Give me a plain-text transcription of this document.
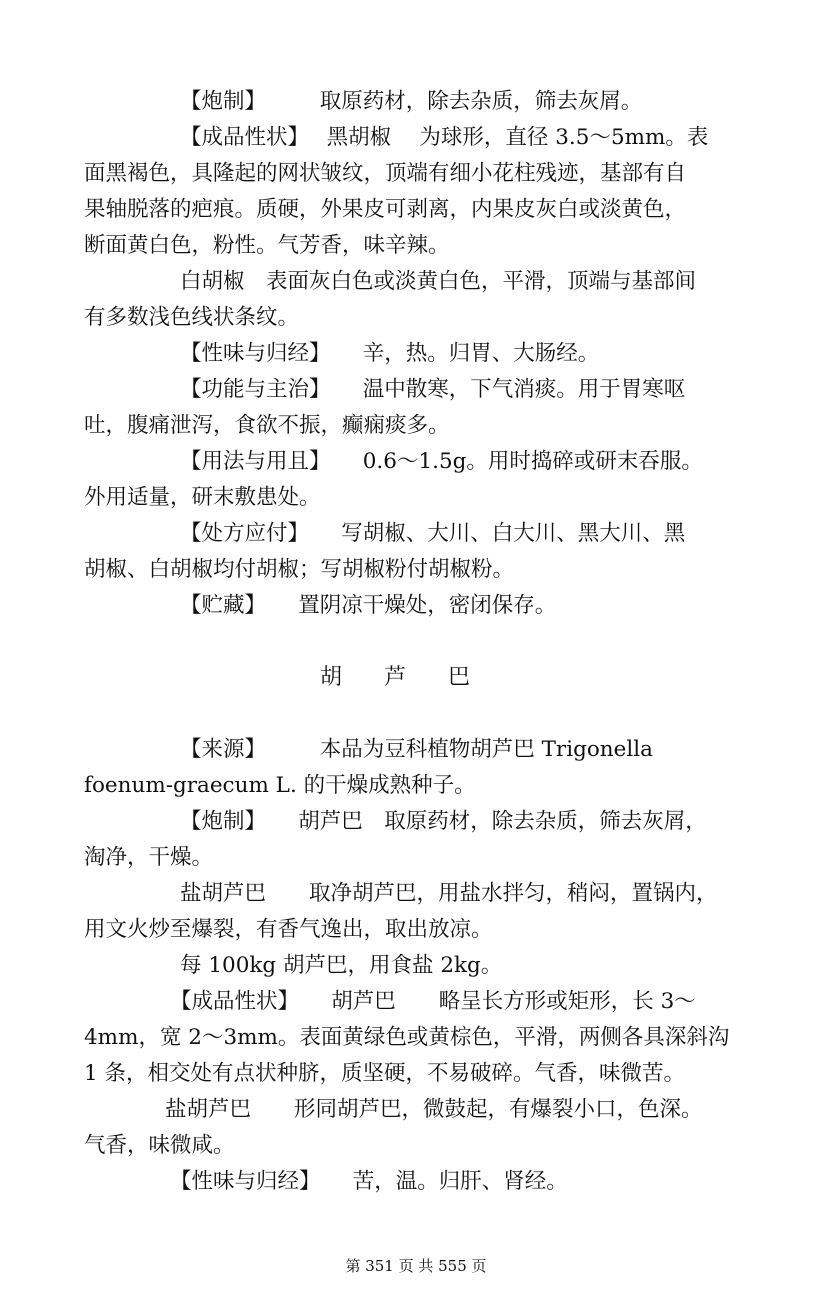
【炮制】　　　取原药材，除去杂质，筛去灰屑。
【成品性状】　 黑胡椒　 为球形，直径 3.5～5mm。表
面黑褐色，具隆起的网状皱纹，顶端有细小花柱残迹，基部有自
果轴脱落的疤痕。质硬，外果皮可剥离，内果皮灰白或淡黄色，
断面黄白色，粉性。气芳香，味辛辣。
白胡椒　表面灰白色或淡黄白色，平滑，顶端与基部间
有多数浅色线状条纹。
【性味与归经】　　辛，热。归胃、大肠经。
【功能与主治】　　温中散寒，下气消痰。用于胃寒呕
吐，腹痛泄泻，食欲不振，癫痫痰多。
【用法与用且】　　0.6～1.5g。用时捣碎或研末吞服。
外用适量，研末敷患处。
【处方应付】　　写胡椒、大川、白大川、黑大川、黑
胡椒、白胡椒均付胡椒；写胡椒粉付胡椒粉。
【贮藏】　　置阴凉干燥处，密闭保存。
胡芦巴
【来源】　　　本品为豆科植物胡芦巴 Trigonella
foenum-graecum L. 的干燥成熟种子。
【炮制】　　胡芦巴　取原药材，除去杂质，筛去灰屑，
淘净，干燥。
盐胡芦巴　　取净胡芦巴，用盐水拌匀，稍闷，置锅内，
用文火炒至爆裂，有香气逸出，取出放凉。
每 100kg 胡芦巴，用食盐 2kg。
【成品性状】　　胡芦巴　　略呈长方形或矩形，长 3～
4mm，宽 2～3mm。表面黄绿色或黄棕色，平滑，两侧各具深斜沟
1 条，相交处有点状种脐，质坚硬，不易破碎。气香，味微苦。
盐胡芦巴　　形同胡芦巴，微鼓起，有爆裂小口，色深。
气香，味微咸。
【性味与归经】　　苦，温。归肝、肾经。
第 351 页 共 555 页
